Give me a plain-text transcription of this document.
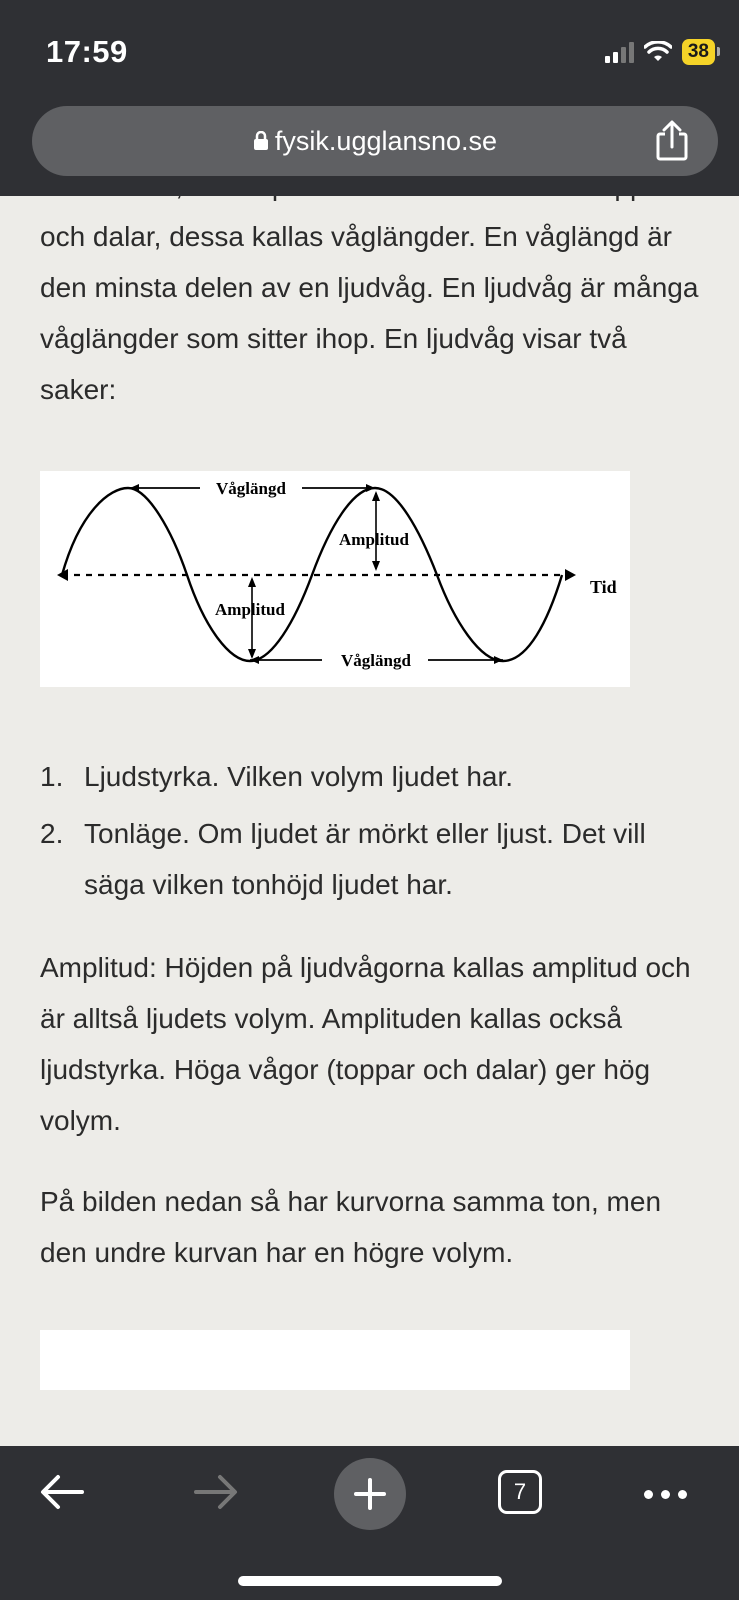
17:59	38
fysik.ugglansno.se

och dalar, dessa kallas våglängder. En våglängd är den minsta delen av en ljudvåg. En ljudvåg är många våglängder som sitter ihop. En ljudvåg visar två saker:

Våglängd
Våglängd
Amplitud
Amplitud
Tid
1. Ljudstyrka. Vilken volym ljudet har.
2. Tonläge. Om ljudet är mörkt eller ljust. Det vill säga vilken tonhöjd ljudet har.

Amplitud: Höjden på ljudvågorna kallas amplitud och är alltså ljudets volym. Amplituden kallas också ljudstyrka. Höga vågor (toppar och dalar) ger hög volym.

På bilden nedan så har kurvorna samma ton, men den undre kurvan har en högre volym.

7
